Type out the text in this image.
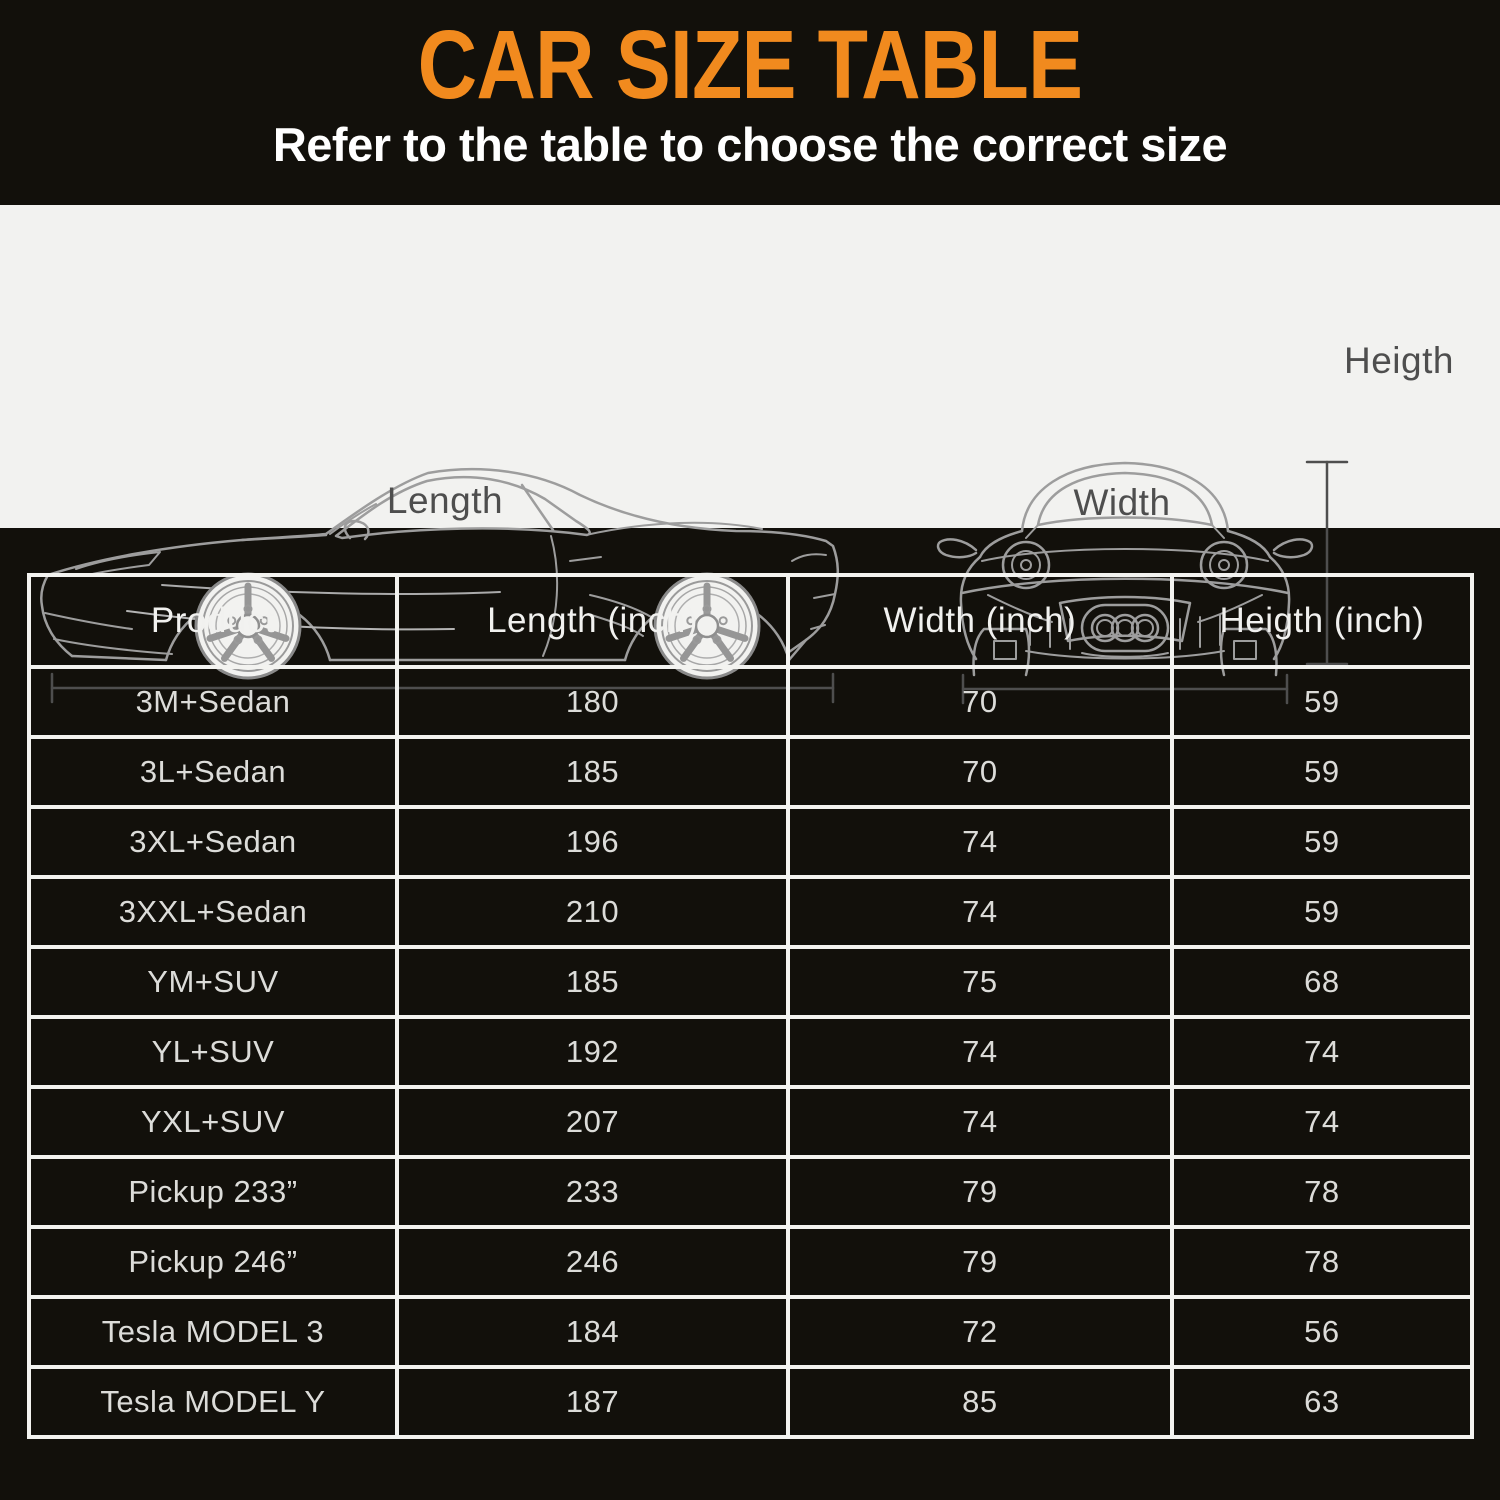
CAR SIZE TABLE

Refer to the table to choose the correct size

Length	Width
Heigth
Product	Length (inch)	Width (inch)	Heigth (inch)
3M+Sedan	180	70	59
3L+Sedan	185	70	59
3XL+Sedan	196	74	59
3XXL+Sedan	210	74	59
YM+SUV	185	75	68
YL+SUV	192	74	74
YXL+SUV	207	74	74
Pickup 233”	233	79	78
Pickup 246”	246	79	78
Tesla MODEL 3	184	72	56
Tesla MODEL Y	187	85	63
